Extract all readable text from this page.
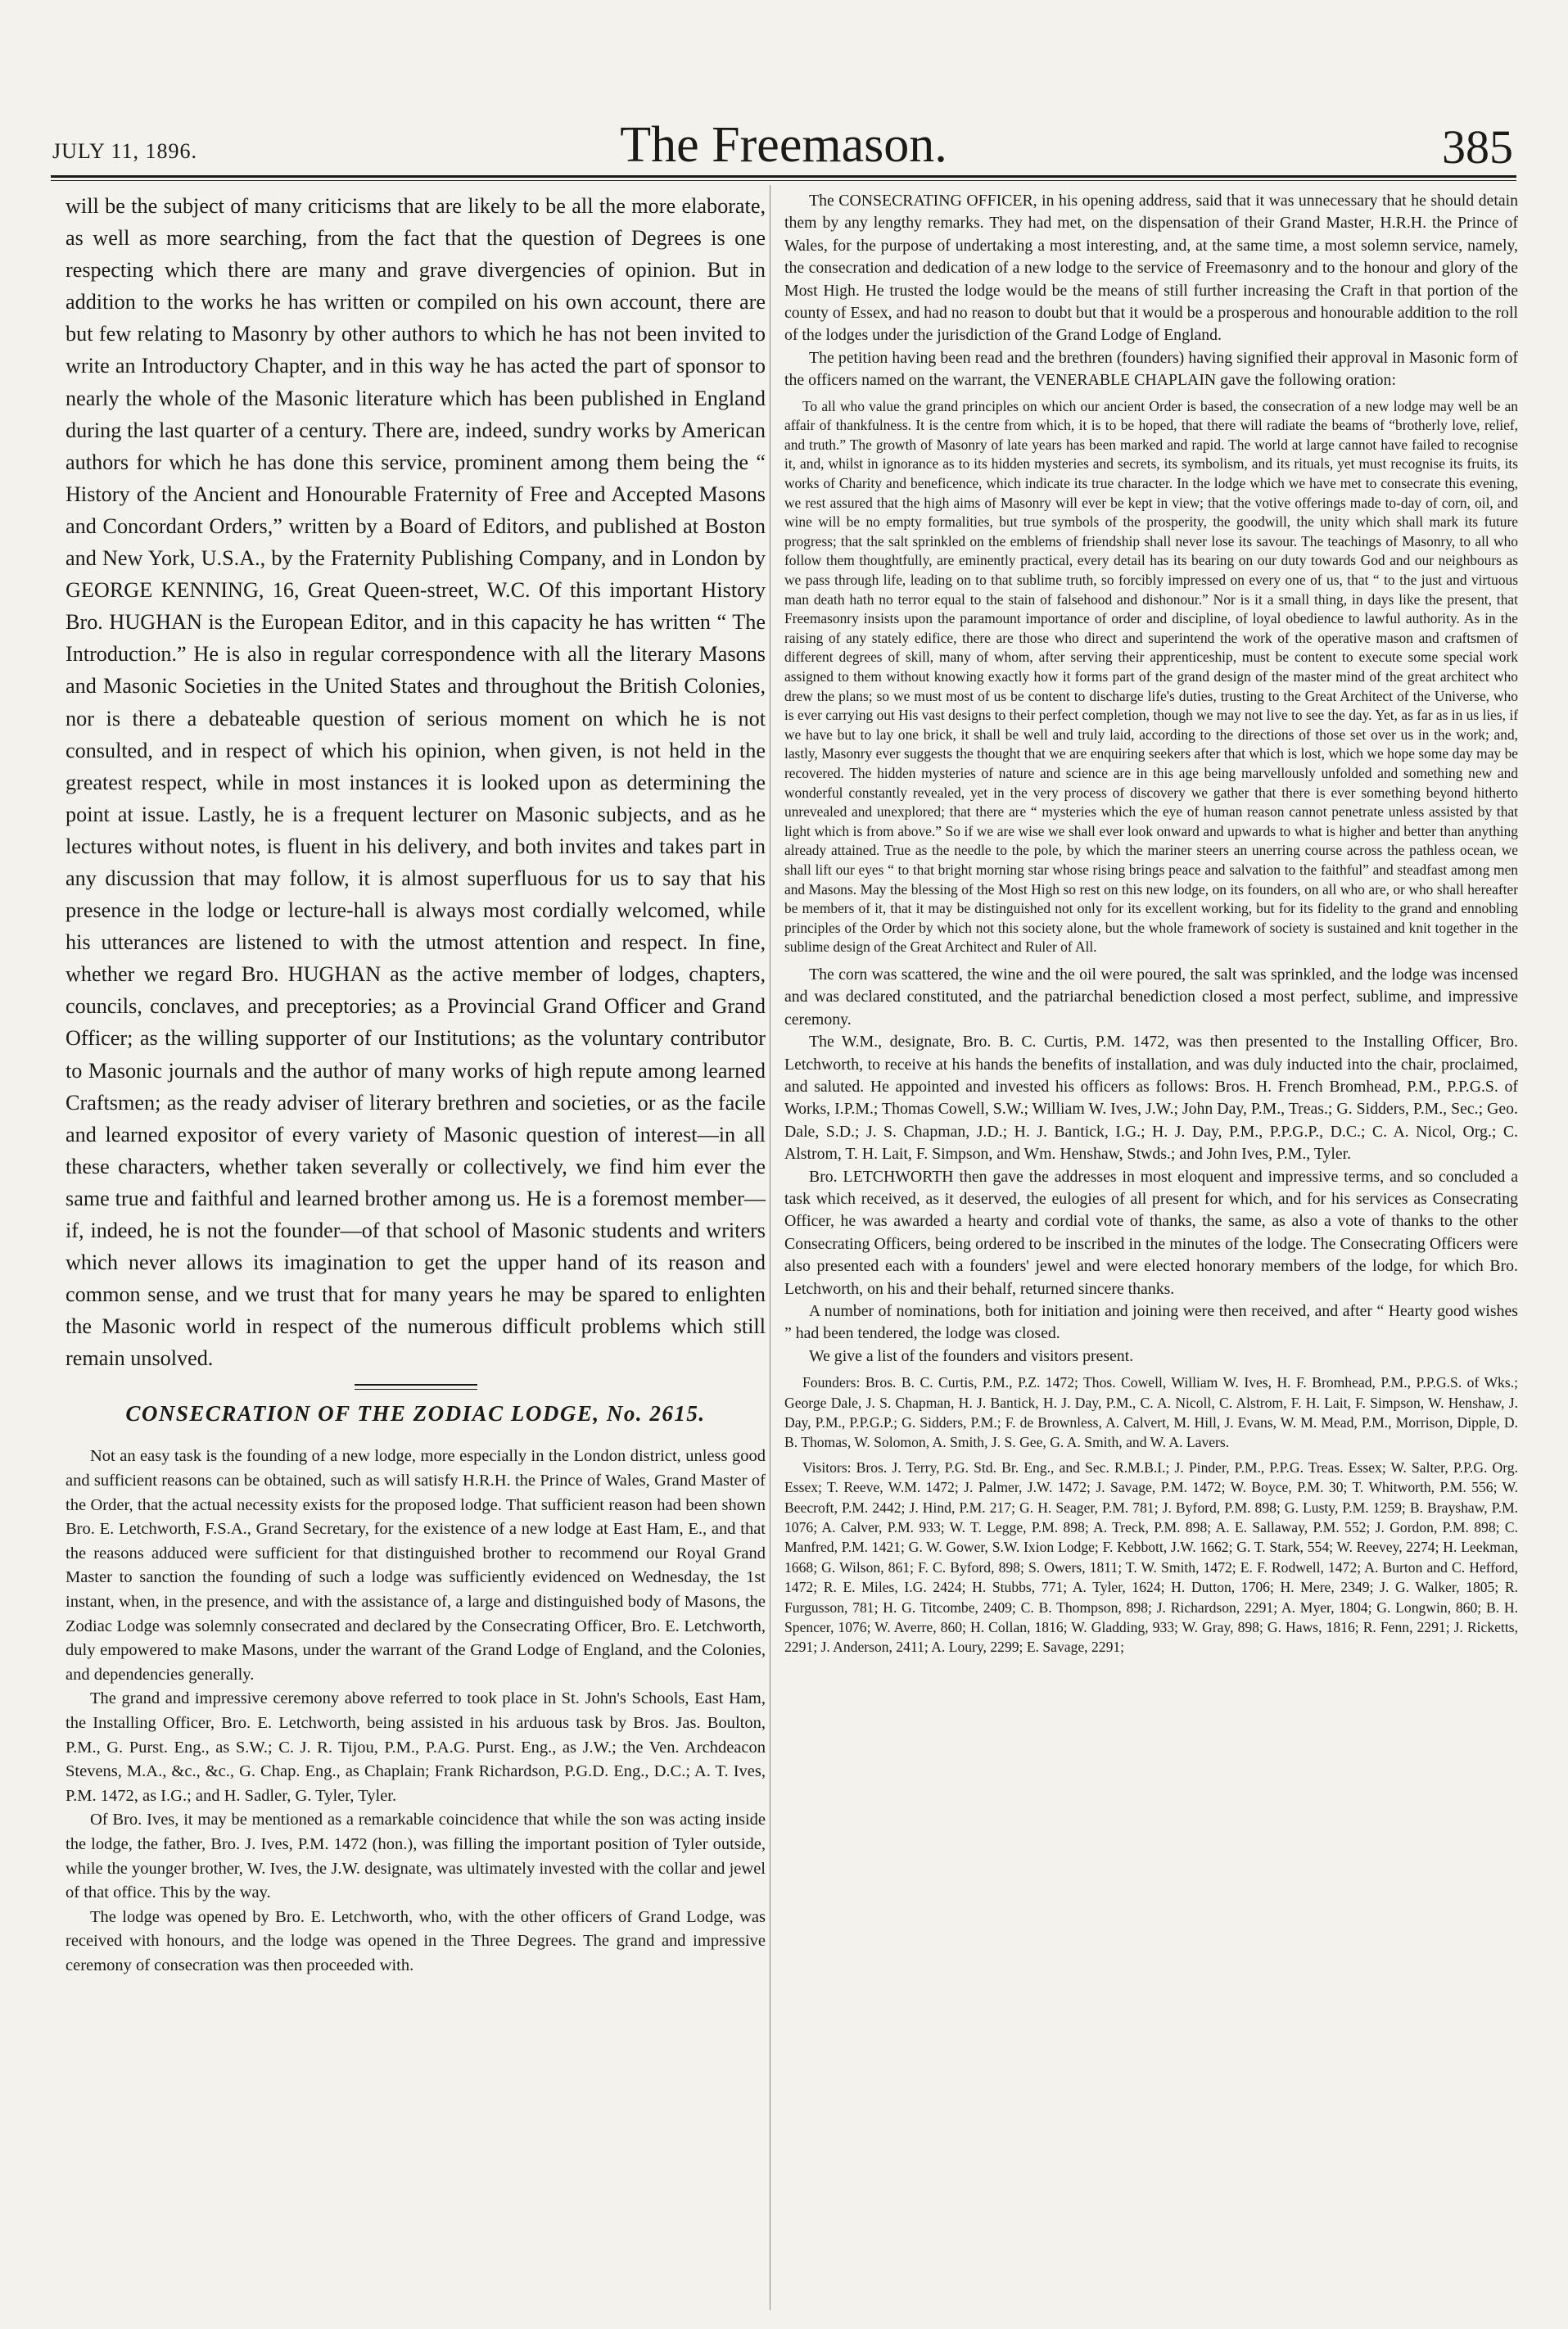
JULY 11, 1896.	The Freemason.	385

will be the subject of many criticisms that are likely to be all the more elaborate, as well as more searching, from the fact that the question of Degrees is one respecting which there are many and grave divergencies of opinion. But in addition to the works he has written or compiled on his own account, there are but few relating to Masonry by other authors to which he has not been invited to write an Introductory Chapter, and in this way he has acted the part of sponsor to nearly the whole of the Masonic literature which has been published in England during the last quarter of a century. There are, indeed, sundry works by American authors for which he has done this service, prominent among them being the “ History of the Ancient and Honourable Fraternity of Free and Accepted Masons and Concordant Orders,” written by a Board of Editors, and published at Boston and New York, U.S.A., by the Fraternity Publishing Company, and in London by GEORGE KENNING, 16, Great Queen-street, W.C. Of this important History Bro. HUGHAN is the European Editor, and in this capacity he has written “ The Introduction.” He is also in regular correspondence with all the literary Masons and Masonic Societies in the United States and throughout the British Colonies, nor is there a debateable question of serious moment on which he is not consulted, and in respect of which his opinion, when given, is not held in the greatest respect, while in most instances it is looked upon as determining the point at issue. Lastly, he is a frequent lecturer on Masonic subjects, and as he lectures without notes, is fluent in his delivery, and both invites and takes part in any discussion that may follow, it is almost superfluous for us to say that his presence in the lodge or lecture-hall is always most cordially welcomed, while his utterances are listened to with the utmost attention and respect. In fine, whether we regard Bro. HUGHAN as the active member of lodges, chapters, councils, conclaves, and preceptories; as a Provincial Grand Officer and Grand Officer; as the willing supporter of our Institutions; as the voluntary contributor to Masonic journals and the author of many works of high repute among learned Craftsmen; as the ready adviser of literary brethren and societies, or as the facile and learned expositor of every variety of Masonic question of interest—in all these characters, whether taken severally or collectively, we find him ever the same true and faithful and learned brother among us. He is a foremost member—if, indeed, he is not the founder—of that school of Masonic students and writers which never allows its imagination to get the upper hand of its reason and common sense, and we trust that for many years he may be spared to enlighten the Masonic world in respect of the numerous difficult problems which still remain unsolved.

CONSECRATION OF THE ZODIAC LODGE, No. 2615.

Not an easy task is the founding of a new lodge, more especially in the London district, unless good and sufficient reasons can be obtained, such as will satisfy H.R.H. the Prince of Wales, Grand Master of the Order, that the actual necessity exists for the proposed lodge. That sufficient reason had been shown Bro. E. Letchworth, F.S.A., Grand Secretary, for the existence of a new lodge at East Ham, E., and that the reasons adduced were sufficient for that distinguished brother to recommend our Royal Grand Master to sanction the founding of such a lodge was sufficiently evidenced on Wednesday, the 1st instant, when, in the presence, and with the assistance of, a large and distinguished body of Masons, the Zodiac Lodge was solemnly consecrated and declared by the Consecrating Officer, Bro. E. Letchworth, duly empowered to make Masons, under the warrant of the Grand Lodge of England, and the Colonies, and dependencies generally.

The grand and impressive ceremony above referred to took place in St. John's Schools, East Ham, the Installing Officer, Bro. E. Letchworth, being assisted in his arduous task by Bros. Jas. Boulton, P.M., G. Purst. Eng., as S.W.; C. J. R. Tijou, P.M., P.A.G. Purst. Eng., as J.W.; the Ven. Archdeacon Stevens, M.A., &c., &c., G. Chap. Eng., as Chaplain; Frank Richardson, P.G.D. Eng., D.C.; A. T. Ives, P.M. 1472, as I.G.; and H. Sadler, G. Tyler, Tyler.

Of Bro. Ives, it may be mentioned as a remarkable coincidence that while the son was acting inside the lodge, the father, Bro. J. Ives, P.M. 1472 (hon.), was filling the important position of Tyler outside, while the younger brother, W. Ives, the J.W. designate, was ultimately invested with the collar and jewel of that office. This by the way.

The lodge was opened by Bro. E. Letchworth, who, with the other officers of Grand Lodge, was received with honours, and the lodge was opened in the Three Degrees. The grand and impressive ceremony of consecration was then proceeded with.

The CONSECRATING OFFICER, in his opening address, said that it was unnecessary that he should detain them by any lengthy remarks. They had met, on the dispensation of their Grand Master, H.R.H. the Prince of Wales, for the purpose of undertaking a most interesting, and, at the same time, a most solemn service, namely, the consecration and dedication of a new lodge to the service of Freemasonry and to the honour and glory of the Most High. He trusted the lodge would be the means of still further increasing the Craft in that portion of the county of Essex, and had no reason to doubt but that it would be a prosperous and honourable addition to the roll of the lodges under the jurisdiction of the Grand Lodge of England.

The petition having been read and the brethren (founders) having signified their approval in Masonic form of the officers named on the warrant, the VENERABLE CHAPLAIN gave the following oration:

To all who value the grand principles on which our ancient Order is based, the consecration of a new lodge may well be an affair of thankfulness. It is the centre from which, it is to be hoped, that there will radiate the beams of “brotherly love, relief, and truth.” The growth of Masonry of late years has been marked and rapid. The world at large cannot have failed to recognise it, and, whilst in ignorance as to its hidden mysteries and secrets, its symbolism, and its rituals, yet must recognise its fruits, its works of Charity and beneficence, which indicate its true character. In the lodge which we have met to consecrate this evening, we rest assured that the high aims of Masonry will ever be kept in view; that the votive offerings made to-day of corn, oil, and wine will be no empty formalities, but true symbols of the prosperity, the goodwill, the unity which shall mark its future progress; that the salt sprinkled on the emblems of friendship shall never lose its savour. The teachings of Masonry, to all who follow them thoughtfully, are eminently practical, every detail has its bearing on our duty towards God and our neighbours as we pass through life, leading on to that sublime truth, so forcibly impressed on every one of us, that “ to the just and virtuous man death hath no terror equal to the stain of falsehood and dishonour.” Nor is it a small thing, in days like the present, that Freemasonry insists upon the paramount importance of order and discipline, of loyal obedience to lawful authority. As in the raising of any stately edifice, there are those who direct and superintend the work of the operative mason and craftsmen of different degrees of skill, many of whom, after serving their apprenticeship, must be content to execute some special work assigned to them without knowing exactly how it forms part of the grand design of the master mind of the great architect who drew the plans; so we must most of us be content to discharge life's duties, trusting to the Great Architect of the Universe, who is ever carrying out His vast designs to their perfect completion, though we may not live to see the day. Yet, as far as in us lies, if we have but to lay one brick, it shall be well and truly laid, according to the directions of those set over us in the work; and, lastly, Masonry ever suggests the thought that we are enquiring seekers after that which is lost, which we hope some day may be recovered. The hidden mysteries of nature and science are in this age being marvellously unfolded and something new and wonderful constantly revealed, yet in the very process of discovery we gather that there is ever something beyond hitherto unrevealed and unexplored; that there are “ mysteries which the eye of human reason cannot penetrate unless assisted by that light which is from above.” So if we are wise we shall ever look onward and upwards to what is higher and better than anything already attained. True as the needle to the pole, by which the mariner steers an unerring course across the pathless ocean, we shall lift our eyes “ to that bright morning star whose rising brings peace and salvation to the faithful” and steadfast among men and Masons. May the blessing of the Most High so rest on this new lodge, on its founders, on all who are, or who shall hereafter be members of it, that it may be distinguished not only for its excellent working, but for its fidelity to the grand and ennobling principles of the Order by which not this society alone, but the whole framework of society is sustained and knit together in the sublime design of the Great Architect and Ruler of All.

The corn was scattered, the wine and the oil were poured, the salt was sprinkled, and the lodge was incensed and was declared constituted, and the patriarchal benediction closed a most perfect, sublime, and impressive ceremony.

The W.M., designate, Bro. B. C. Curtis, P.M. 1472, was then presented to the Installing Officer, Bro. Letchworth, to receive at his hands the benefits of installation, and was duly inducted into the chair, proclaimed, and saluted. He appointed and invested his officers as follows: Bros. H. French Bromhead, P.M., P.P.G.S. of Works, I.P.M.; Thomas Cowell, S.W.; William W. Ives, J.W.; John Day, P.M., Treas.; G. Sidders, P.M., Sec.; Geo. Dale, S.D.; J. S. Chapman, J.D.; H. J. Bantick, I.G.; H. J. Day, P.M., P.P.G.P., D.C.; C. A. Nicol, Org.; C. Alstrom, T. H. Lait, F. Simpson, and Wm. Henshaw, Stwds.; and John Ives, P.M., Tyler.

Bro. LETCHWORTH then gave the addresses in most eloquent and impressive terms, and so concluded a task which received, as it deserved, the eulogies of all present for which, and for his services as Consecrating Officer, he was awarded a hearty and cordial vote of thanks, the same, as also a vote of thanks to the other Consecrating Officers, being ordered to be inscribed in the minutes of the lodge. The Consecrating Officers were also presented each with a founders' jewel and were elected honorary members of the lodge, for which Bro. Letchworth, on his and their behalf, returned sincere thanks.

A number of nominations, both for initiation and joining were then received, and after “ Hearty good wishes ” had been tendered, the lodge was closed.

We give a list of the founders and visitors present.

Founders: Bros. B. C. Curtis, P.M., P.Z. 1472; Thos. Cowell, William W. Ives, H. F. Bromhead, P.M., P.P.G.S. of Wks.; George Dale, J. S. Chapman, H. J. Bantick, H. J. Day, P.M., C. A. Nicoll, C. Alstrom, F. H. Lait, F. Simpson, W. Henshaw, J. Day, P.M., P.P.G.P.; G. Sidders, P.M.; F. de Brownless, A. Calvert, M. Hill, J. Evans, W. M. Mead, P.M., Morrison, Dipple, D. B. Thomas, W. Solomon, A. Smith, J. S. Gee, G. A. Smith, and W. A. Lavers.

Visitors: Bros. J. Terry, P.G. Std. Br. Eng., and Sec. R.M.B.I.; J. Pinder, P.M., P.P.G. Treas. Essex; W. Salter, P.P.G. Org. Essex; T. Reeve, W.M. 1472; J. Palmer, J.W. 1472; J. Savage, P.M. 1472; W. Boyce, P.M. 30; T. Whitworth, P.M. 556; W. Beecroft, P.M. 2442; J. Hind, P.M. 217; G. H. Seager, P.M. 781; J. Byford, P.M. 898; G. Lusty, P.M. 1259; B. Brayshaw, P.M. 1076; A. Calver, P.M. 933; W. T. Legge, P.M. 898; A. Treck, P.M. 898; A. E. Sallaway, P.M. 552; J. Gordon, P.M. 898; C. Manfred, P.M. 1421; G. W. Gower, S.W. Ixion Lodge; F. Kebbott, J.W. 1662; G. T. Stark, 554; W. Reevey, 2274; H. Leekman, 1668; G. Wilson, 861; F. C. Byford, 898; S. Owers, 1811; T. W. Smith, 1472; E. F. Rodwell, 1472; A. Burton and C. Hefford, 1472; R. E. Miles, I.G. 2424; H. Stubbs, 771; A. Tyler, 1624; H. Dutton, 1706; H. Mere, 2349; J. G. Walker, 1805; R. Furgusson, 781; H. G. Titcombe, 2409; C. B. Thompson, 898; J. Richardson, 2291; A. Myer, 1804; G. Longwin, 860; B. H. Spencer, 1076; W. Averre, 860; H. Collan, 1816; W. Gladding, 933; W. Gray, 898; G. Haws, 1816; R. Fenn, 2291; J. Ricketts, 2291; J. Anderson, 2411; A. Loury, 2299; E. Savage, 2291;
